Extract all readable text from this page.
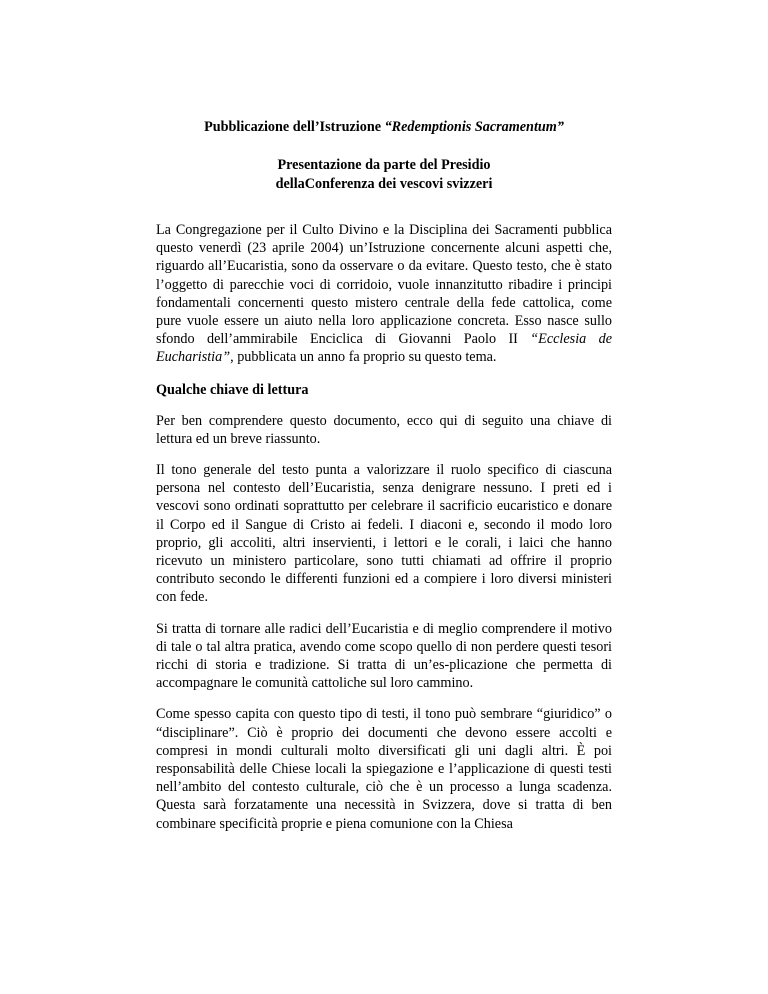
Pubblicazione dell’Istruzione “Redemptionis Sacramentum”

Presentazione da parte del Presidio
dellaConferenza dei vescovi svizzeri

La Congregazione per il Culto Divino e la Disciplina dei Sacramenti pubblica questo venerdì (23 aprile 2004) un’Istruzione concernente alcuni aspetti che, riguardo all’Eucaristia, sono da osservare o da evitare. Questo testo, che è stato l’oggetto di parecchie voci di corridoio, vuole innanzitutto ribadire i principi fondamentali concernenti questo mistero centrale della fede cattolica, come pure vuole essere un aiuto nella loro applicazione concreta. Esso nasce sullo sfondo dell’ammirabile Enciclica di Giovanni Paolo II “Ecclesia de Eucharistia”, pubblicata un anno fa proprio su questo tema.

Qualche chiave di lettura

Per ben comprendere questo documento, ecco qui di seguito una chiave di lettura ed un breve riassunto.

Il tono generale del testo punta a valorizzare il ruolo specifico di ciascuna persona nel contesto dell’Eucaristia, senza denigrare nessuno. I preti ed i vescovi sono ordinati soprattutto per celebrare il sacrificio eucaristico e donare il Corpo ed il Sangue di Cristo ai fedeli. I diaconi e, secondo il modo loro proprio, gli accoliti, altri inservienti, i lettori e le corali, i laici che hanno ricevuto un ministero particolare, sono tutti chiamati ad offrire il proprio contributo secondo le differenti funzioni ed a compiere i loro diversi ministeri con fede.

Si tratta di tornare alle radici dell’Eucaristia e di meglio comprendere il motivo di tale o tal altra pratica, avendo come scopo quello di non perdere questi tesori ricchi di storia e tradizione. Si tratta di un’es-plicazione che permetta di accompagnare le comunità cattoliche sul loro cammino.

Come spesso capita con questo tipo di testi, il tono può sembrare “giuridico” o “disciplinare”. Ciò è proprio dei documenti che devono essere accolti e compresi in mondi culturali molto diversificati gli uni dagli altri. È poi responsabilità delle Chiese locali la spiegazione e l’applicazione di questi testi nell’ambito del contesto culturale, ciò che è un processo a lunga scadenza. Questa sarà forzatamente una necessità in Svizzera, dove si tratta di ben combinare specificità proprie e piena comunione con la Chiesa
